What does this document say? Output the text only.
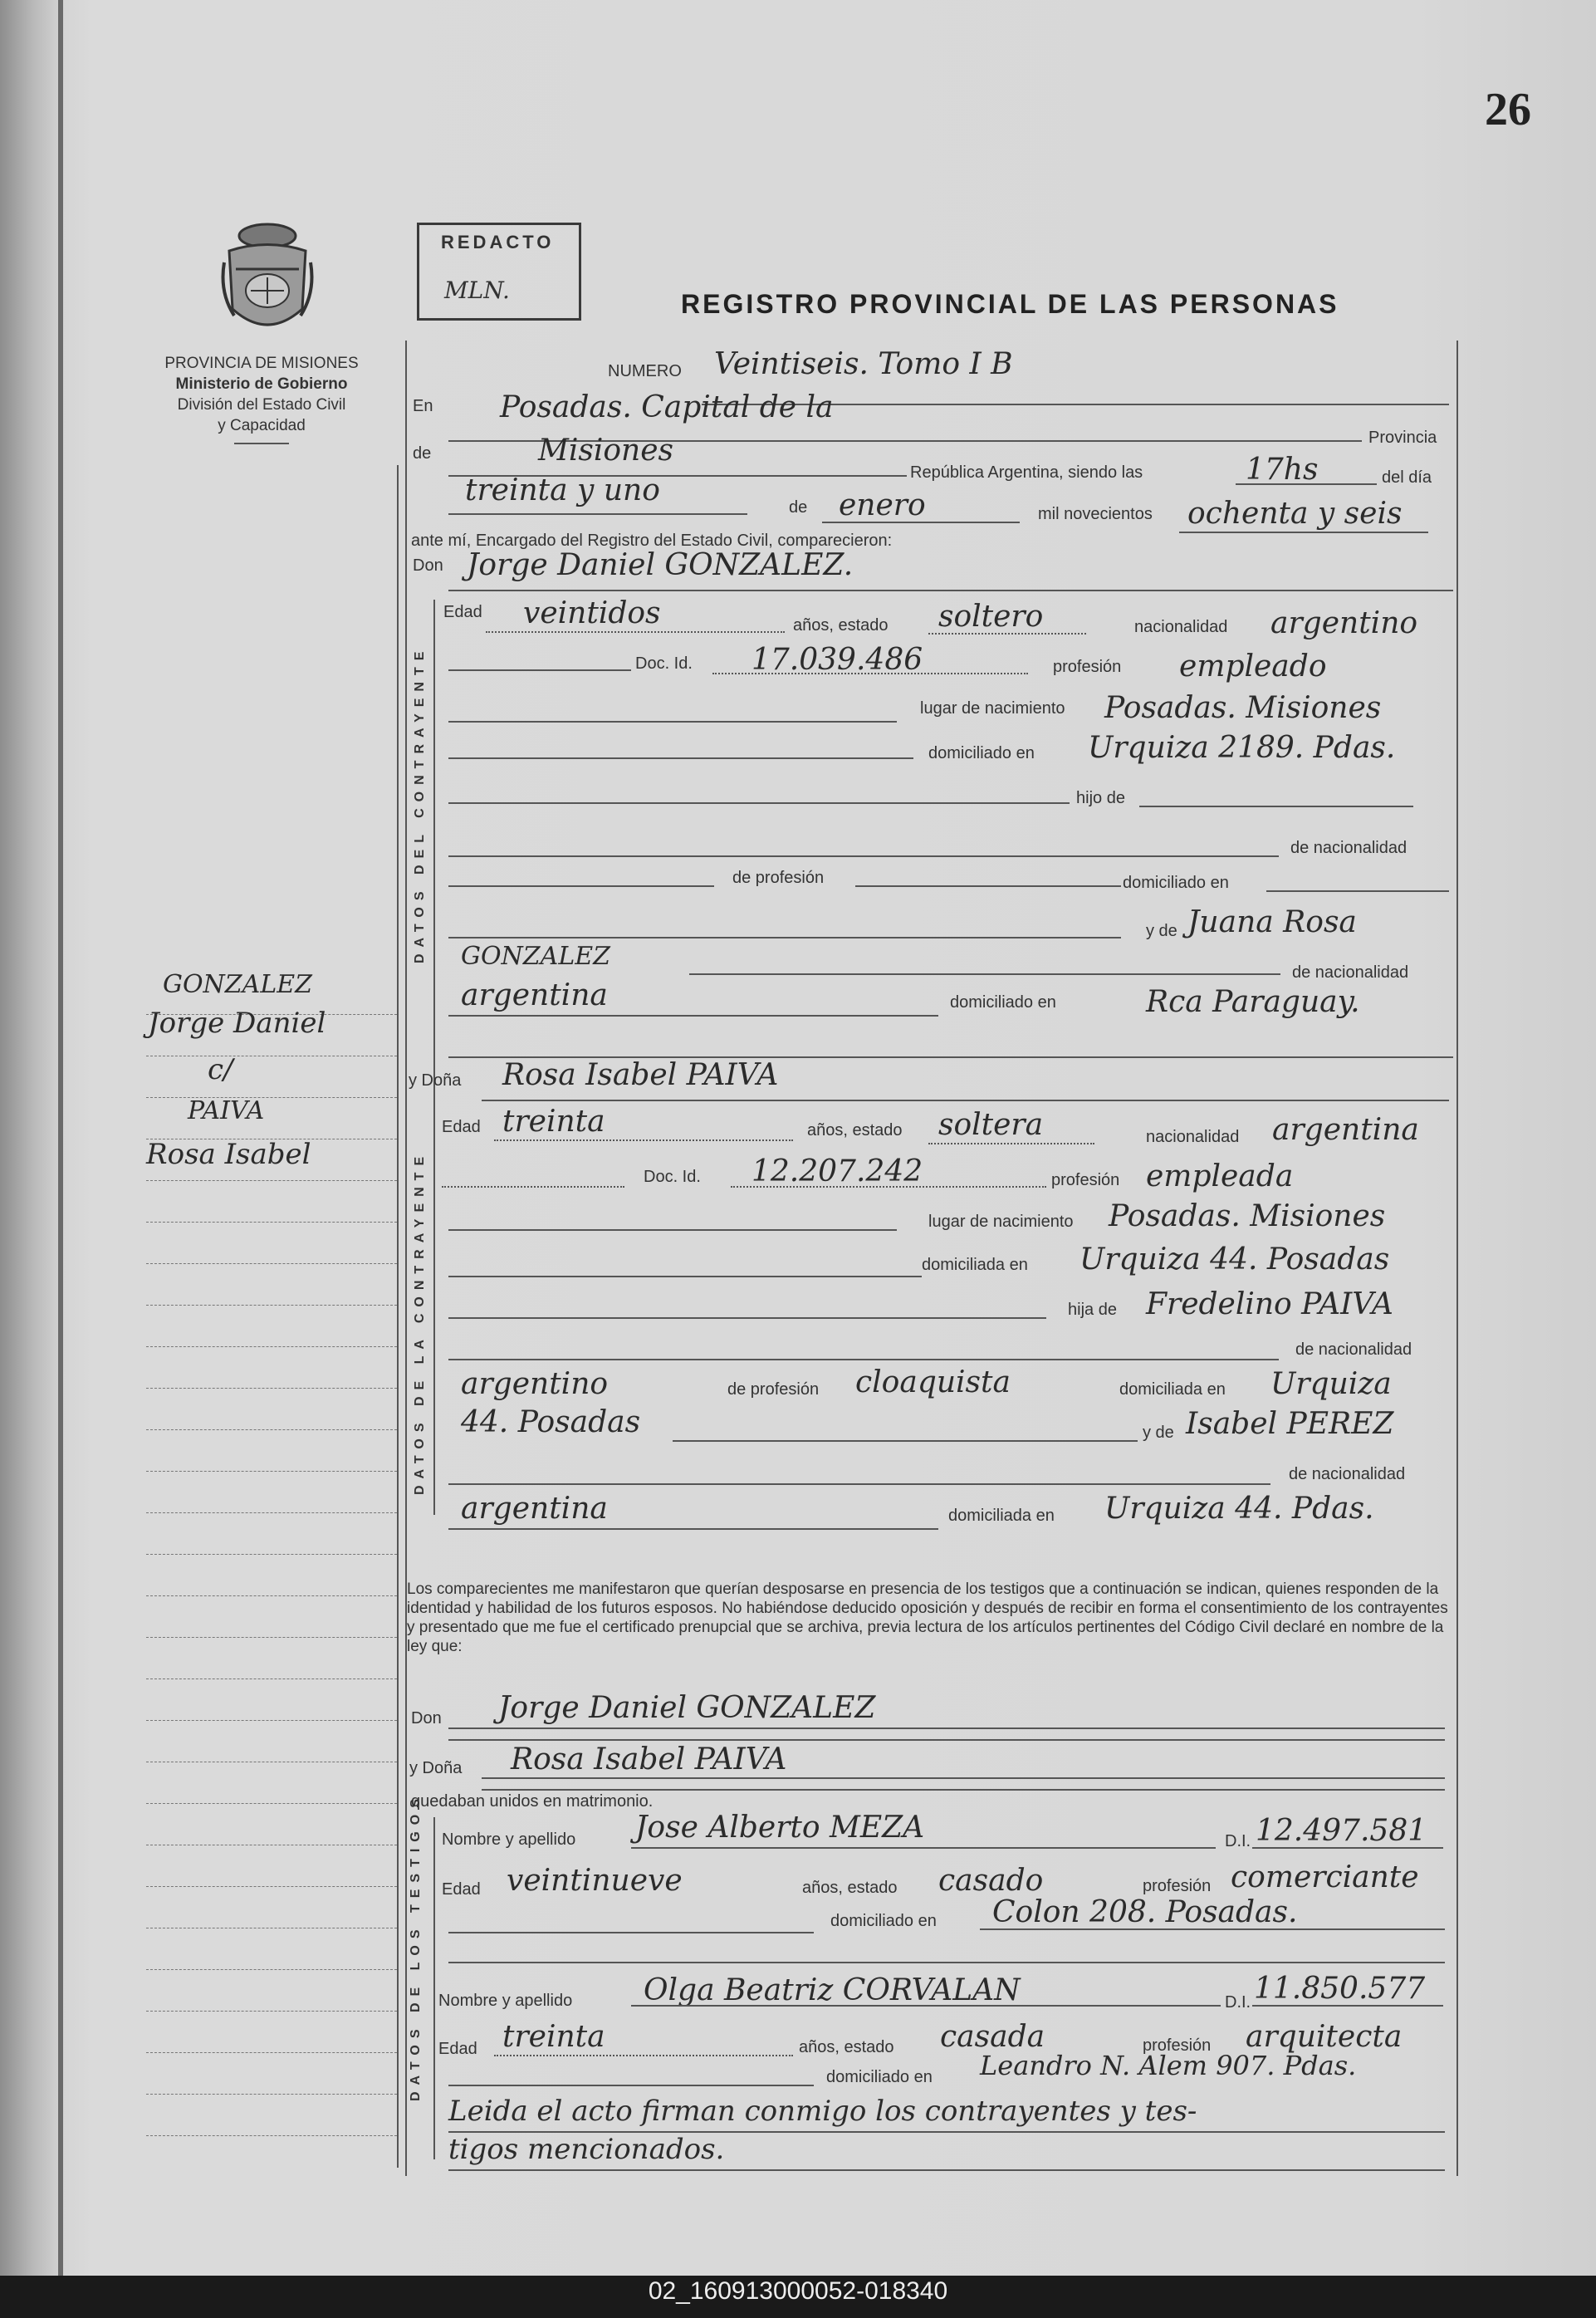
26
PROVINCIA DE MISIONES
Ministerio de Gobierno
División del Estado Civil
y Capacidad
GONZALEZ
Jorge Daniel
c/
PAIVA
Rosa Isabel
REDACTO
MLN.	REGISTRO PROVINCIAL DE LAS PERSONAS
NUMERO Veintiseis. Tomo I B
En Posadas. Capital de la
Provincia
de	Misiones
República Argentina, siendo las	17hs	del día
treinta y uno	de enero	mil novecientos ochenta y seis
ante mí, Encargado del Registro del Estado Civil, comparecieron:
Don Jorge Daniel GONZALEZ.
DATOS DEL CONTRAYENTE
Edad veintidos	años, estado soltero	nacionalidad argentino
Doc. Id. 17.039.486	profesión empleado
lugar de nacimiento Posadas. Misiones
domiciliado en Urquiza 2189. Pdas.
hijo de
de nacionalidad
de profesión	domiciliado en
y de Juana Rosa
GONZALEZ
de nacionalidad
argentina	domiciliado en	Rca Paraguay.
y Doña Rosa Isabel PAIVA
DATOS DE LA CONTRAYENTE
Edad treinta	años, estado soltera	nacionalidad argentina
Doc. Id. 12.207.242	profesión empleada
lugar de nacimiento Posadas. Misiones
domiciliada en Urquiza 44. Posadas
hija de Fredelino PAIVA
de nacionalidad
argentino	de profesión cloaquista	domiciliada en Urquiza
44. Posadas	y de Isabel PEREZ
de nacionalidad
argentina	domiciliada en Urquiza 44. Pdas.
Los comparecientes me manifestaron que querían desposarse en presencia de los testigos que a continuación se indican, quienes responden de la identidad y habilidad de los futuros esposos. No habiéndose deducido oposición y después de recibir en forma el consentimiento de los contrayentes y presentado que me fue el certificado prenupcial que se archiva, previa lectura de los artículos pertinentes del Código Civil declaré en nombre de la ley que:
Don Jorge Daniel GONZALEZ
y Doña Rosa Isabel PAIVA
quedaban unidos en matrimonio.
DATOS DE LOS TESTIGOS Nombre y apellido Jose Alberto MEZA	D.I. 12.497.581
Edad veintinueve	años, estado casado	profesión comerciante
domiciliado en Colon 208. Posadas.
Nombre y apellido Olga Beatriz CORVALAN	D.I. 11.850.577
Edad treinta	años, estado casada	profesión arquitecta
domiciliado en Leandro N. Alem 907. Pdas.
Leida el acto firman conmigo los contrayentes y tes-
tigos mencionados.
02_160913000052-018340
